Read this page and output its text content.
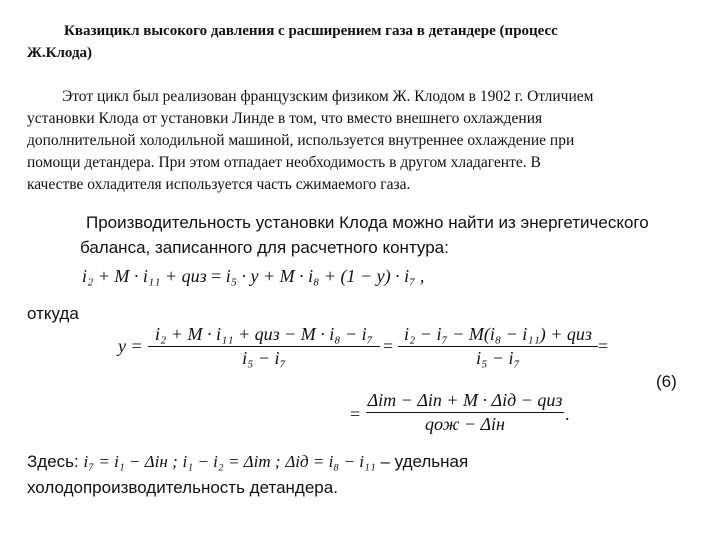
Квазицикл высокого давления с расширением газа в детандере (процесс
Ж.Клода)
Этот цикл был реализован французским физиком Ж. Клодом в 1902 г. Отличием
установки Клода от установки Линде в том, что вместо внешнего охлаждения
дополнительной холодильной машиной, используется внутреннее охлаждение при
помощи детандера. При этом отпадает необходимость в другом хладагенте. В
качестве охладителя используется часть сжимаемого газа.
Производительность установки Клода можно найти из энергетического
баланса, записанного для расчетного контура:
i₂ + M · i₁₁ + qиз = i₅ · y + M · i₈ + (1 − y) · i₇ ,
откуда
y =
i₂ + M · i₁₁ + qиз − M · i₈ − i₇
i₅ − i₇
=
i₂ − i₇ − M(i₈ − i₁₁) + qиз
i₅ − i₇
=
(6)
=
Δiт − Δiп + M · Δiд − qиз
qож − Δiн	.
Здесь: i₇ = i₁ − Δiн ; i₁ − i₂ = Δiт ; Δiд = i₈ − i₁₁ – удельная
холодопроизводительность детандера.
